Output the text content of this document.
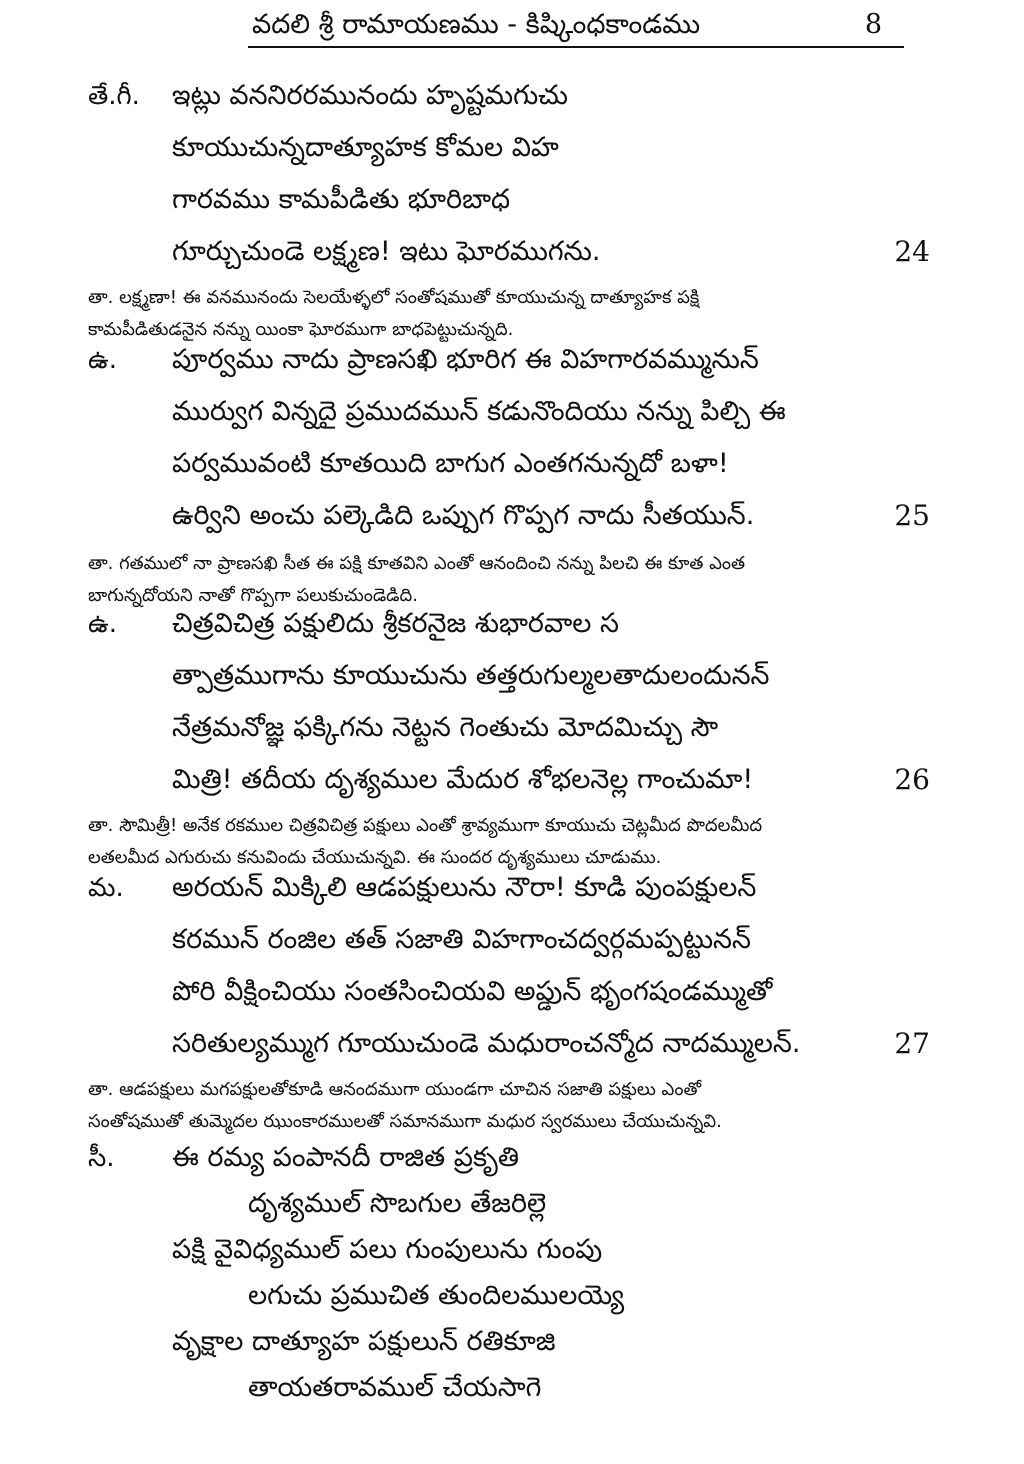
వదలి శ్రీ రామాయణము - కిష్కింధకాండము	8
తే.గీ. ఇట్లు వననిరరమునందు హృష్టమగుచు
కూయుచున్నదాత్యూహక కోమల విహ
గారవము కామపీడితు భూరిబాధ
గూర్చుచుండె లక్ష్మణ! ఇటు ఘోరముగను.	24

తా. లక్ష్మణా! ఈ వనమునందు సెలయేళ్ళలో సంతోషముతో కూయుచున్న దాత్యూహక పక్షి

కామపీడితుడనైన నన్ను యింకా ఘోరముగా బాధపెట్టుచున్నది.

ఉ. పూర్వము నాదు ప్రాణసఖి భూరిగ ఈ విహగారవమ్మునున్
ముర్వుగ విన్నదై ప్రముదమున్ కడునొందియు నన్ను పిల్చి ఈ
పర్వమువంటి కూతయిది బాగుగ ఎంతగనున్నదో బళా!
ఉర్విని అంచు పల్కెడిది ఒప్పుగ గొప్పగ నాదు సీతయున్.	25

తా. గతములో నా ప్రాణసఖి సీత ఈ పక్షి కూతవిని ఎంతో ఆనందించి నన్ను పిలచి ఈ కూత ఎంత

బాగున్నదోయని నాతో గొప్పగా పలుకుచుండెడిది.

ఉ. చిత్రవిచిత్ర పక్షులిదు శ్రీకరనైజ శుభారవాల స
త్పాత్రముగాను కూయుచును తత్తరుగుల్మలతాదులందునన్
నేత్రమనోజ్ఞ ఫక్కిగను నెట్టన గెంతుచు మోదమిచ్చు సౌ
మిత్రి! తదీయ దృశ్యముల మేదుర శోభలనెల్ల గాంచుమా!	26

తా. సౌమిత్రీ! అనేక రకముల చిత్రవిచిత్ర పక్షులు ఎంతో శ్రావ్యముగా కూయుచు చెట్లమీద పొదలమీద

లతలమీద ఎగురుచు కనువిందు చేయుచున్నవి. ఈ సుందర దృశ్యములు చూడుము.

మ. అరయన్ మిక్కిలి ఆడపక్షులును నౌరా! కూడి పుంపక్షులన్
కరమున్ రంజిల తత్ సజాతి విహగాంచద్వర్గమప్పట్టునన్
పోరి వీక్షించియు సంతసించియవి అప్డున్ భృంగషండమ్ముతో
సరితుల్యమ్ముగ గూయుచుండె మధురాంచన్మోద నాదమ్ములన్.	27

తా. ఆడపక్షులు మగపక్షులతోకూడి ఆనందముగా యుండగా చూచిన సజాతి పక్షులు ఎంతో

సంతోషముతో తుమ్మెదల ఝుంకారములతో సమానముగా మధుర స్వరములు చేయుచున్నవి.

సీ. ఈ రమ్య పంపానదీ రాజిత ప్రకృతి
దృశ్యముల్ సొబగుల తేజరిల్లె
పక్షి వైవిధ్యముల్ పలు గుంపులును గుంపు
లగుచు ప్రముచిత తుందిలములయ్యె
వృక్షాల దాత్యూహ పక్షులున్ రతికూజి
తాయతరావముల్ చేయసాగె
